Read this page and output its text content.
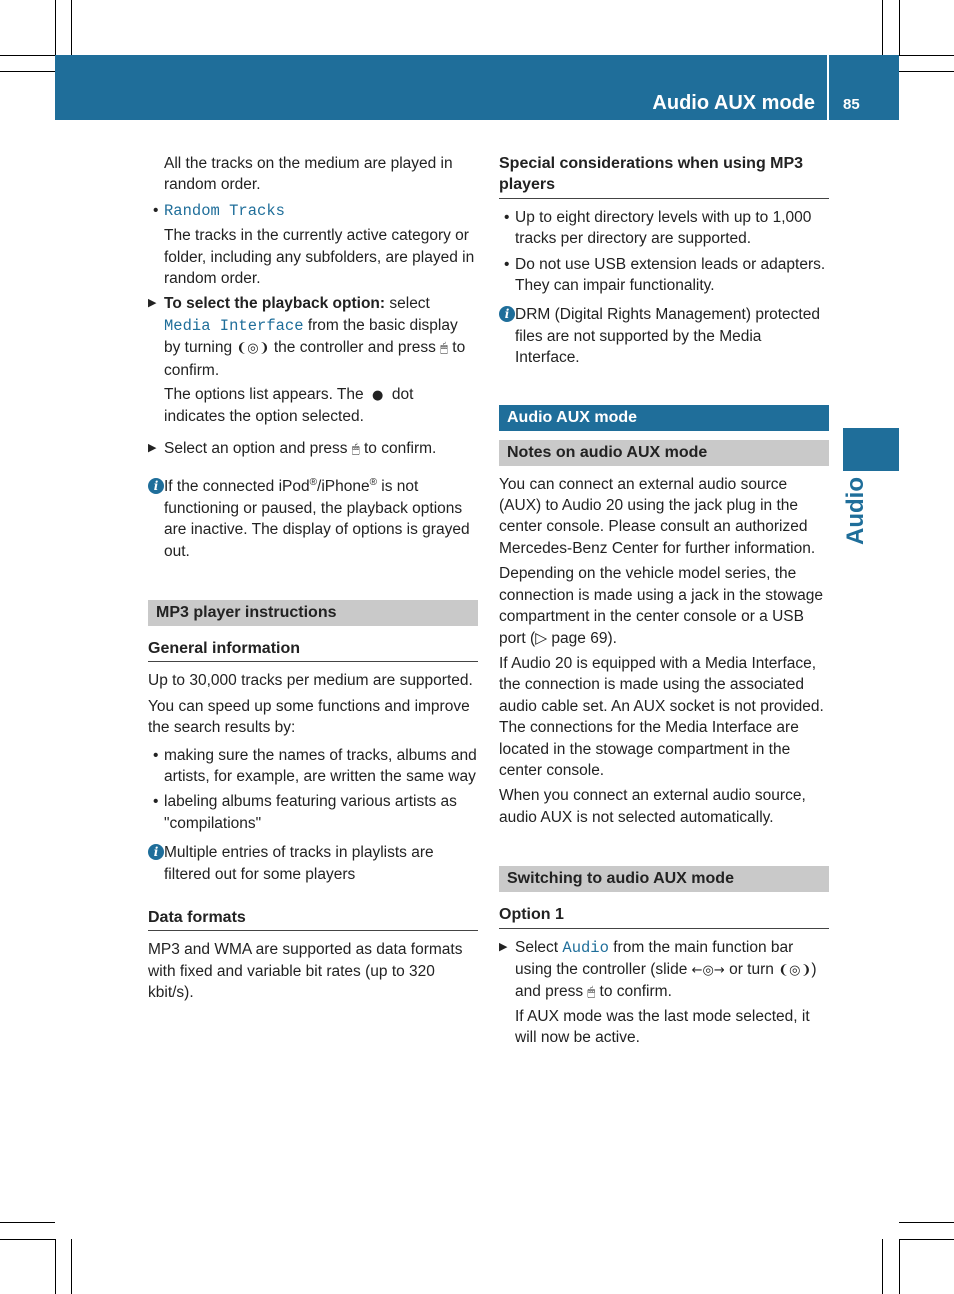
Audio AUX mode 85
Audio

All the tracks on the medium are played in random order.

• Random Tracks

The tracks in the currently active category or folder, including any subfolders, are played in random order.

▶ To select the playback option: select Media Interface from the basic display by turning ❨◎❩ the controller and press 🖱 to confirm.

The options list appears. The  ●  dot indicates the option selected.

▶ Select an option and press 🖱 to confirm.
i If the connected iPod®/iPhone® is not functioning or paused, the playback options are inactive. The display of options is grayed out.
MP3 player instructions
General information

Up to 30,000 tracks per medium are supported.

You can speed up some functions and improve the search results by:

• making sure the names of tracks, albums and artists, for example, are written the same way
• labeling albums featuring various artists as "compilations"
i Multiple entries of tracks in playlists are filtered out for some players
Data formats

MP3 and WMA are supported as data formats with fixed and variable bit rates (up to 320 kbit/s).

Special considerations when using MP3 players
• Up to eight directory levels with up to 1,000 tracks per directory are supported.
• Do not use USB extension leads or adapters. They can impair functionality.
i DRM (Digital Rights Management) protected files are not supported by the Media Interface.
Audio AUX mode
Notes on audio AUX mode

You can connect an external audio source (AUX) to Audio 20 using the jack plug in the center console. Please consult an authorized Mercedes-Benz Center for further information.

Depending on the vehicle model series, the connection is made using a jack in the stowage compartment in the center console or a USB port (▷ page 69).

If Audio 20 is equipped with a Media Interface, the connection is made using the associated audio cable set. An AUX socket is not provided. The connections for the Media Interface are located in the stowage compartment in the center console.

When you connect an external audio source, audio AUX is not selected automatically.

Switching to audio AUX mode
Option 1
▶ Select Audio from the main function bar using the controller (slide ←◎→ or turn ❨◎❩) and press 🖱 to confirm.

If AUX mode was the last mode selected, it will now be active.
